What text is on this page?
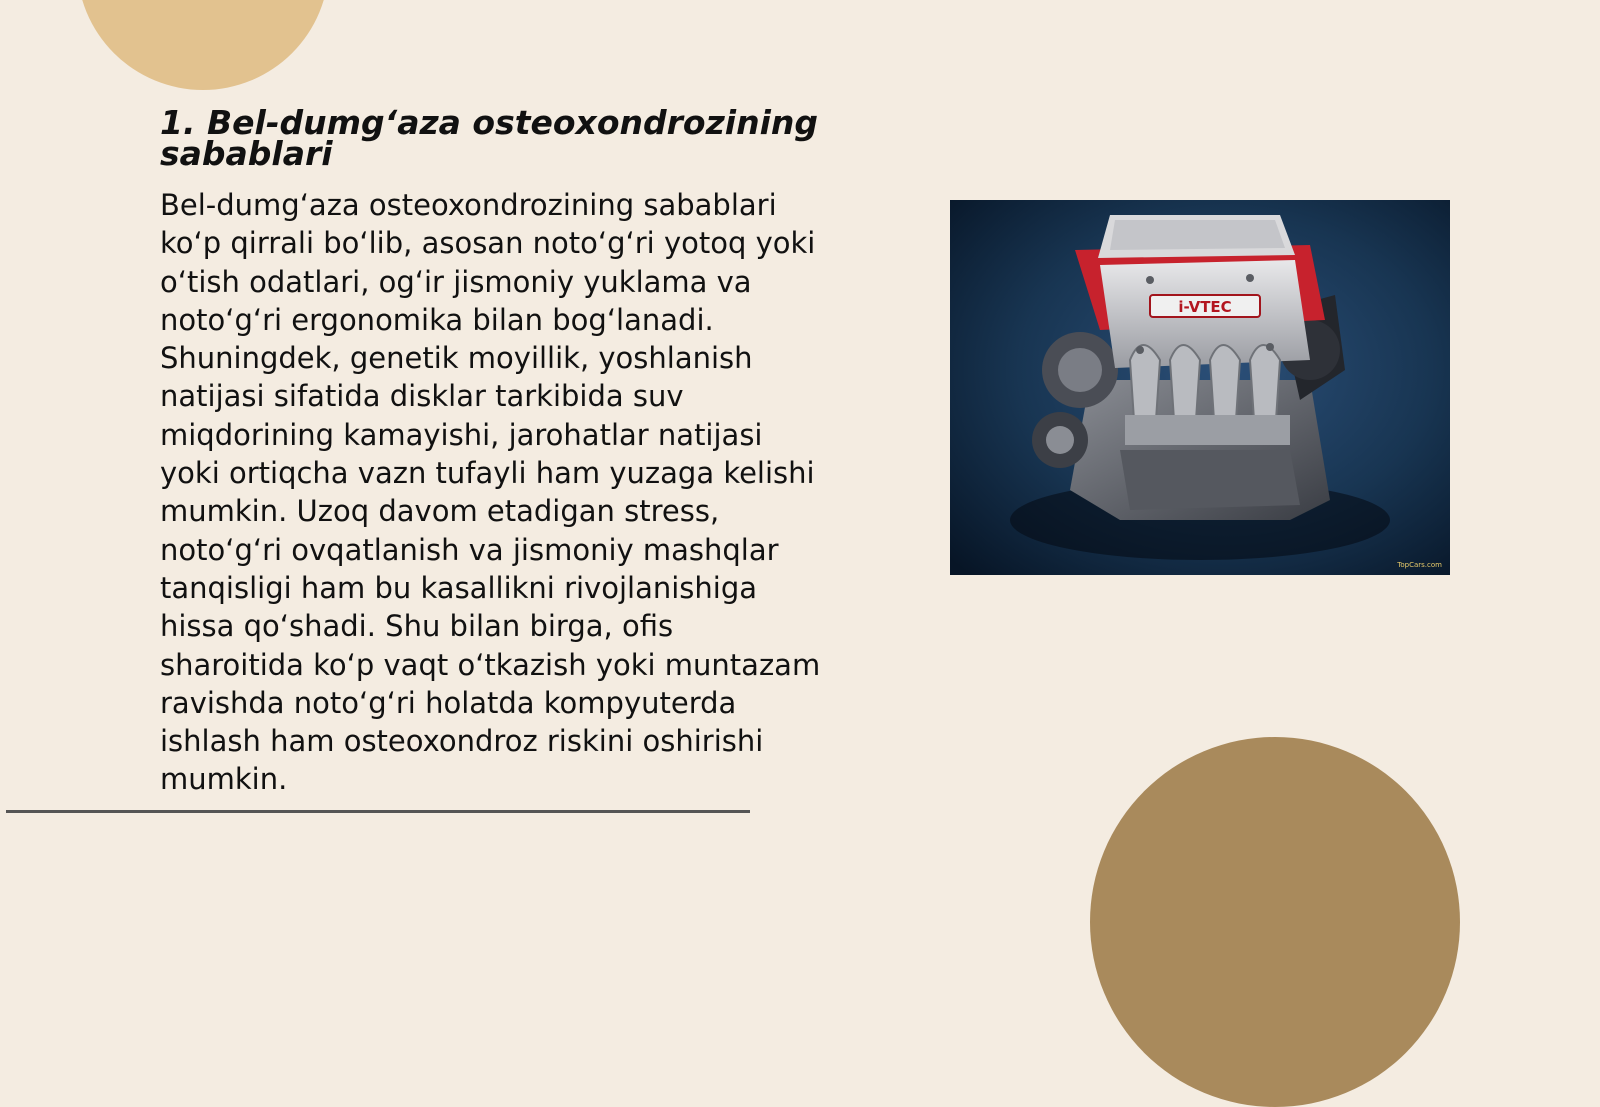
1. Bel-dumg‘aza osteoxondrozining sabablari

Bel-dumg‘aza osteoxondrozining sabablari
ko‘p qirrali bo‘lib, asosan noto‘g‘ri yotoq yoki
o‘tish odatlari, og‘ir jismoniy yuklama va
noto‘g‘ri ergonomika bilan bog‘lanadi.
Shuningdek, genetik moyillik, yoshlanish
natijasi sifatida disklar tarkibida suv
miqdorining kamayishi, jarohatlar natijasi
yoki ortiqcha vazn tufayli ham yuzaga kelishi
mumkin. Uzoq davom etadigan stress,
noto‘g‘ri ovqatlanish va jismoniy mashqlar
tanqisligi ham bu kasallikni rivojlanishiga
hissa qo‘shadi. Shu bilan birga, ofis
sharoitida ko‘p vaqt o‘tkazish yoki muntazam
ravishda noto‘g‘ri holatda kompyuterda
ishlash ham osteoxondroz riskini oshirishi
mumkin.

i-VTEC
TopCars.com
